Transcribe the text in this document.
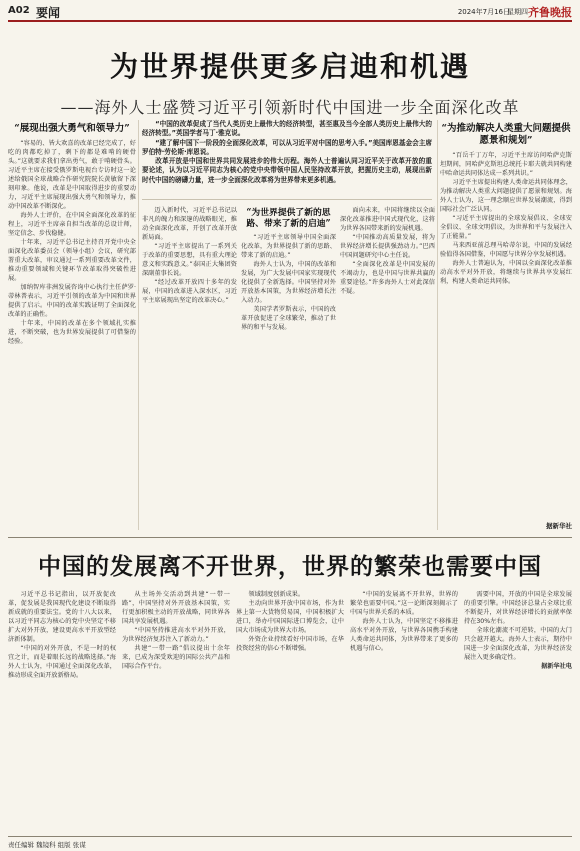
A02 要闻	2024年7月16日
星期四 齐鲁晚报
为世界提供更多启迪和机遇
——海外人士盛赞习近平引领新时代中国进一步全面深化改革
“展现出强大勇气和领导力”

“容易的、皆大欢喜的改革已经完成了，好吃的肉都吃掉了，剩下的都是难啃的硬骨头。”这就要求我们拿出勇气，敢于啃硬骨头。习近平主席在接受俄罗斯电视台专访时这一论述给俄国全球战略合作研究院院长黄敏留下深刻印象。他说，改革是中国取得进步的重要动力，习近平主席展现出强大勇气和领导力，推动中国改革不断深化。

海外人士评价，在中国全面深化改革的征程上，习近平主席亲自担当改革的总设计师，坚定信念、步伐稳健。

十年来，习近平总书记主持召开党中央全面深化改革委员会（领导小组）会议，研究部署重大改革，审议通过一系列重要改革文件，推动重要领域和关键环节改革取得突破性进展。

加纳智库非洲发展咨询中心执行主任萨罗·蒂林普表示，习近平引领的改革为中国和世界提供了启示。中国的改革实践证明了全面深化改革的正确性。

十年来，中国的改革在多个领域扎实推进，不断突破，也为世界发展提供了可借鉴的经验。

“中国的改革促成了当代人类历史上最伟大的经济转型，甚至惠及当今全部人类历史上最伟大的经济转型。”英国学者马丁·雅克说。

“建了解中国下一阶段的全面深化改革，可以从习近平对中国的思考入手。”美国库恩基金会主席罗伯特·劳伦斯·库恩说。

改革开放是中国和世界共同发展进步的伟大历程。海外人士普遍认同习近平关于改革开放的重要论述，认为以习近平同志为核心的党中央带领中国人民坚持改革开放，把握历史主动，展现出新时代中国的磅礴力量，进一步全面深化改革将为世界带来更多机遇。

迈入新时代，习近平总书记以非凡的魄力和深邃的战略眼光，推动全面深化改革，开创了改革开放新局面。

“习近平主席提出了一系列关于改革的重要思想，具有重大理论意义和实践意义。”泰国正大集团资深副董事长说。

“经过改革开放四十多年的发展，中国的改革进入深水区，习近平主席展现出坚定的改革决心。”

“为世界提供了新的思路、带来了新的启迪”

“习近平主席领导中国全面深化改革，为世界提供了新的思路、带来了新的启迪。”

海外人士认为，中国的改革和发展，为广大发展中国家实现现代化提供了全新选择。中国坚持对外开放基本国策，为世界经济增长注入动力。

美国学者罗斯表示，中国的改革开放促进了全球繁荣，推动了世界的和平与发展。

面向未来，中国将继续以全面深化改革推进中国式现代化，这将为世界各国带来新的发展机遇。

“中国推动高质量发展，将为世界经济增长提供强劲动力。”巴西中国问题研究中心主任说。

“全面深化改革是中国发展的不竭动力，也是中国与世界共赢的重要途径。”许多海外人士对此深信不疑。

“为推动解决人类重大问题提供愿景和规划”

“百岳千丁万年，习近平主席访问哈萨克斯坦期间，同哈萨克斯坦总统托卡耶夫就共同构建中哈命运共同体达成一系列共识。”

习近平主席提出构建人类命运共同体理念，为推动解决人类重大问题提供了愿景和规划。海外人士认为，这一理念顺应世界发展潮流，得到国际社会广泛认同。

“习近平主席提出的全球发展倡议、全球安全倡议、全球文明倡议，为世界和平与发展注入了正能量。”

马来西亚前总理马哈蒂尔说，中国的发展经验值得各国借鉴，中国愿与世界分享发展机遇。

海外人士普遍认为，中国以全面深化改革推动高水平对外开放，将继续与世界共享发展红利，构建人类命运共同体。

据新华社
中国的发展离不开世界，世界的繁荣也需要中国

习近平总书记指出，以开放促改革，促发展是我国现代化建设不断取得新成就的重要法宝。党的十八大以来，以习近平同志为核心的党中央坚定不移扩大对外开放，建设更高水平开放型经济新体制。

“中国的对外开放，不是一时的权宜之计，而是着眼长远的战略选择。”海外人士认为，中国通过全面深化改革，推动形成全面开放新格局。

从主场外交活动到共建“一带一路”，中国坚持对外开放基本国策，实行更加积极主动的开放战略，同世界各国共享发展机遇。

“中国坚持推进高水平对外开放，为世界经济复苏注入了新动力。”

共建“一带一路”倡议提出十余年来，已成为深受欢迎的国际公共产品和国际合作平台。

领域制度创新成果。

主动向世界开放中国市场，作为世界上第一大货物贸易国，中国积极扩大进口，举办中国国际进口博览会，让中国大市场成为世界大市场。

外资企业持续看好中国市场，在华投资经营的信心不断增强。

“中国的发展离不开世界，世界的繁荣也需要中国。”这一论断深刻揭示了中国与世界关系的本质。

海外人士认为，中国坚定不移推进高水平对外开放，与世界各国携手构建人类命运共同体，为世界带来了更多的机遇与信心。

需要中国，开放的中国是全球发展的重要引擎。中国经济总量占全球比重不断提升，对世界经济增长的贡献率保持在30%左右。

全球化潮流不可逆转，中国的大门只会越开越大。海外人士表示，期待中国进一步全面深化改革，为世界经济发展注入更多确定性。

据新华社电

责任编辑 魏镜科 组版 张谋
